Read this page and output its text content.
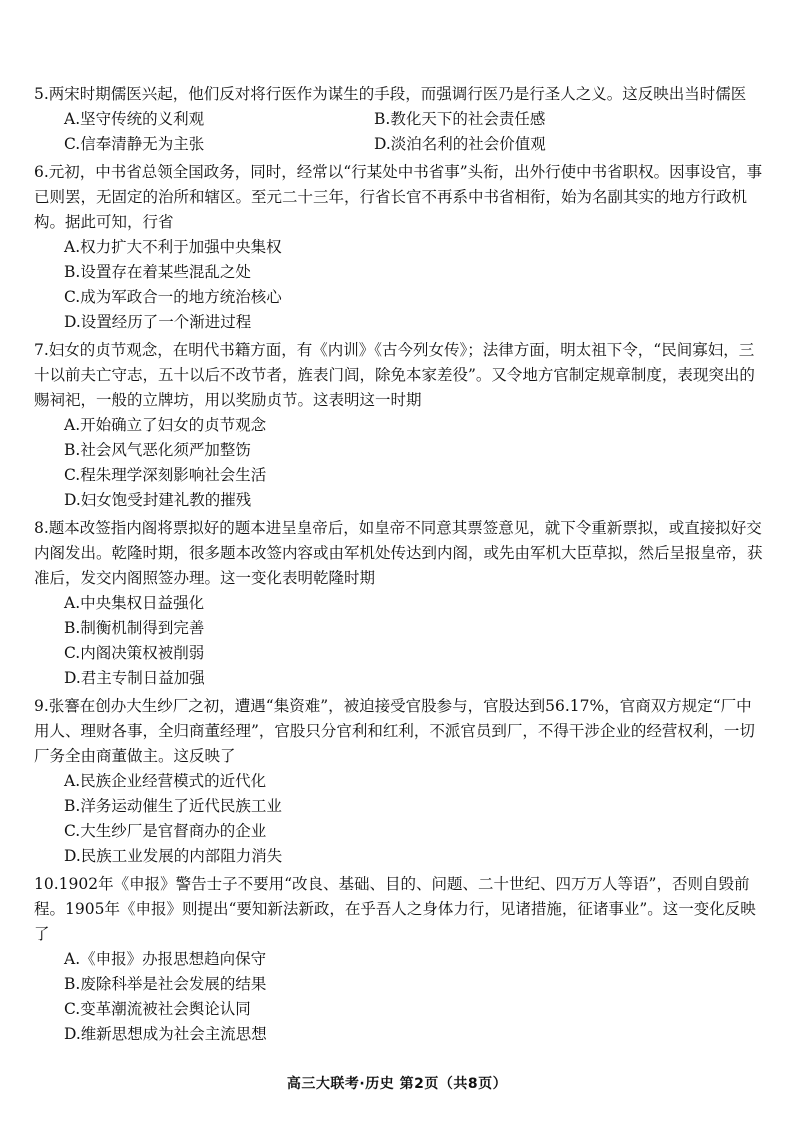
5.两宋时期儒医兴起，他们反对将行医作为谋生的手段，而强调行医乃是行圣人之义。这反映出当时儒医
A.坚守传统的义利观	B.教化天下的社会责任感
C.信奉清静无为主张	D.淡泊名利的社会价值观
6.元初，中书省总领全国政务，同时，经常以“行某处中书省事”头衔，出外行使中书省职权。因事设官，事已则罢，无固定的治所和辖区。至元二十三年，行省长官不再系中书省相衔，始为名副其实的地方行政机构。据此可知，行省
A.权力扩大不利于加强中央集权
B.设置存在着某些混乱之处
C.成为军政合一的地方统治核心
D.设置经历了一个渐进过程
7.妇女的贞节观念，在明代书籍方面，有《内训》《古今列女传》；法律方面，明太祖下令，“民间寡妇，三十以前夫亡守志，五十以后不改节者，旌表门闾，除免本家差役”。又令地方官制定规章制度，表现突出的赐祠祀，一般的立牌坊，用以奖励贞节。这表明这一时期
A.开始确立了妇女的贞节观念
B.社会风气恶化须严加整饬
C.程朱理学深刻影响社会生活
D.妇女饱受封建礼教的摧残
8.题本改签指内阁将票拟好的题本进呈皇帝后，如皇帝不同意其票签意见，就下令重新票拟，或直接拟好交内阁发出。乾隆时期，很多题本改签内容或由军机处传达到内阁，或先由军机大臣草拟，然后呈报皇帝，获准后，发交内阁照签办理。这一变化表明乾隆时期
A.中央集权日益强化
B.制衡机制得到完善
C.内阁决策权被削弱
D.君主专制日益加强
9.张謇在创办大生纱厂之初，遭遇“集资难”，被迫接受官股参与，官股达到56.17%，官商双方规定“厂中用人、理财各事，全归商董经理”，官股只分官利和红利，不派官员到厂，不得干涉企业的经营权利，一切厂务全由商董做主。这反映了
A.民族企业经营模式的近代化
B.洋务运动催生了近代民族工业
C.大生纱厂是官督商办的企业
D.民族工业发展的内部阻力消失
10.1902年《申报》警告士子不要用“改良、基础、目的、问题、二十世纪、四万万人等语”，否则自毁前程。1905年《申报》则提出“要知新法新政，在乎吾人之身体力行，见诸措施，征诸事业”。这一变化反映了
A.《申报》办报思想趋向保守
B.废除科举是社会发展的结果
C.变革潮流被社会舆论认同
D.维新思想成为社会主流思想
高三大联考·历史 第2页（共8页）
